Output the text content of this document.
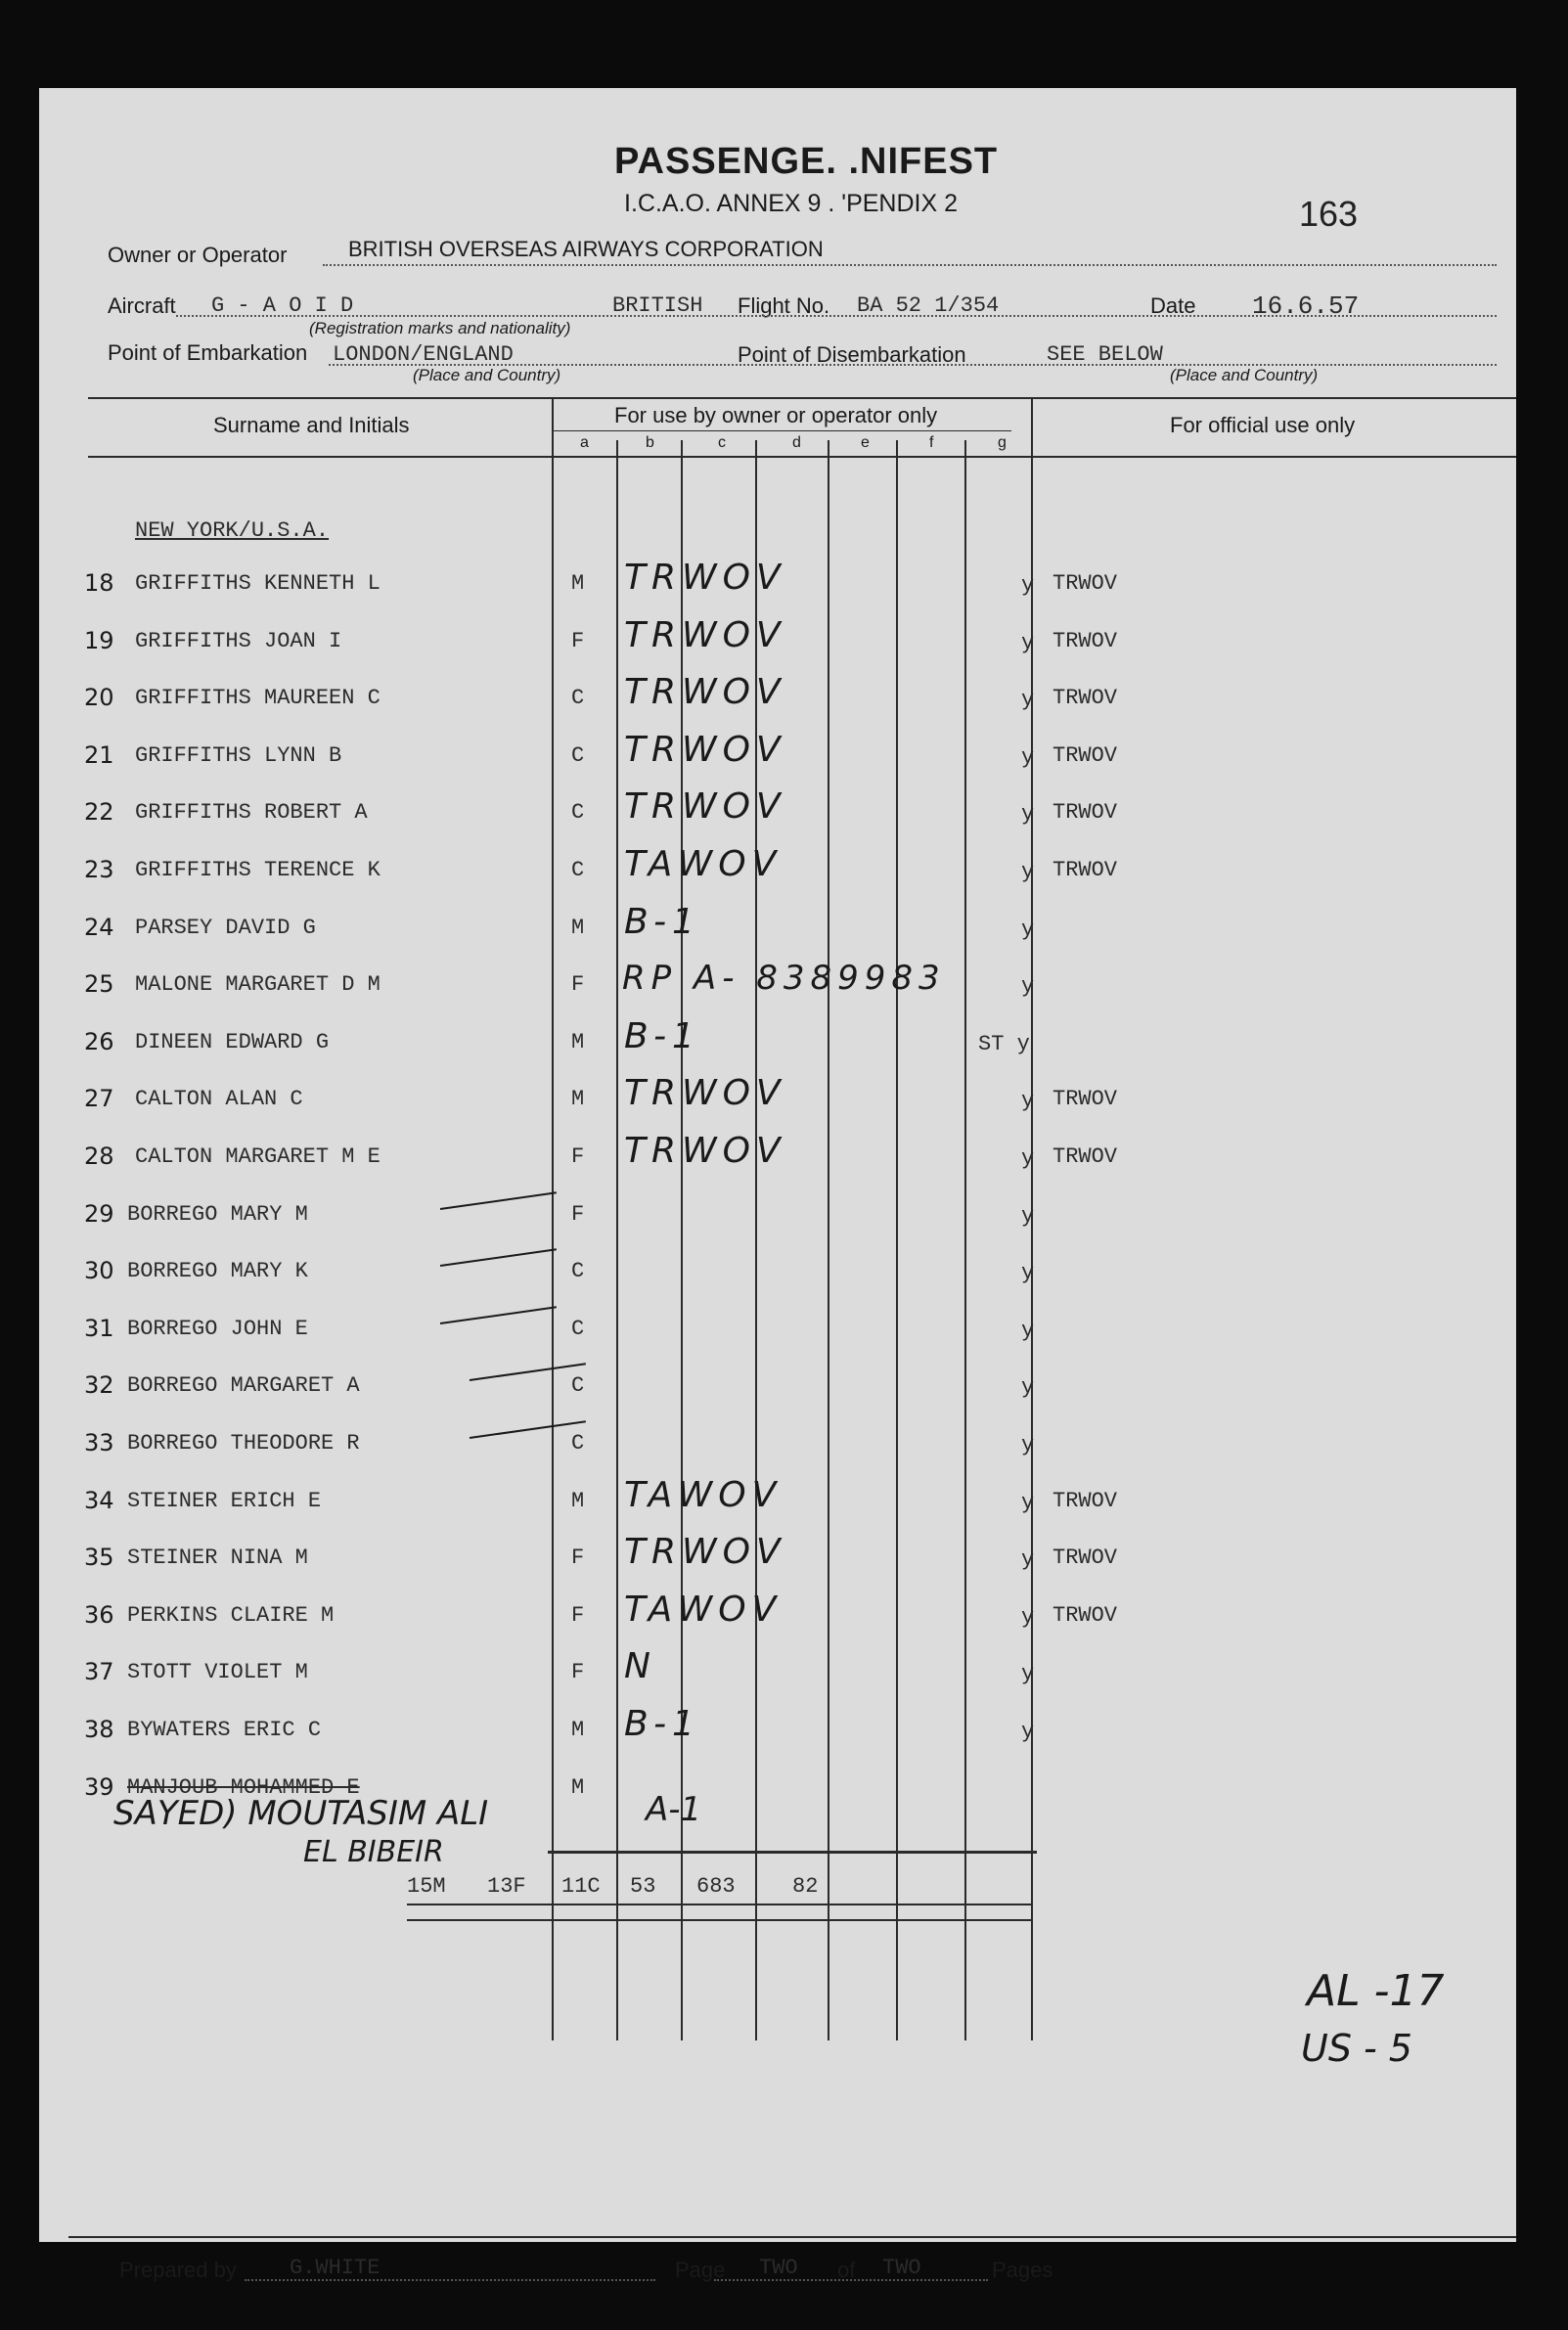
PASSENGE. .NIFEST
I.C.A.O. ANNEX 9 . 'PENDIX 2	163
Owner or Operator	BRITISH OVERSEAS AIRWAYS CORPORATION
Aircraft G - A O I D
(Registration marks and nationality)
BRITISH Flight No. BA 52 1/354	Date 16.6.57
Point of Embarkation LONDON/ENGLAND
(Place and Country)
Point of Disembarkation	SEE BELOW
(Place and Country)
Surname and Initials	For use by owner or operator only	For official use only
a	b	c	d	e	f	g
NEW YORK/U.S.A.
18 GRIFFITHS KENNETH L	M TRWOV	y TRWOV
19 GRIFFITHS JOAN I	F TRWOV	y TRWOV
20 GRIFFITHS MAUREEN C	C TRWOV	y TRWOV
21 GRIFFITHS LYNN B	C TRWOV	y TRWOV
22 GRIFFITHS ROBERT A	C TRWOV	y TRWOV
23 GRIFFITHS TERENCE K	C TAWOV	y TRWOV
24 PARSEY DAVID G	M B-1	y
25 MALONE MARGARET D M	F RP A- 8389983	y
26 DINEEN EDWARD G	M B-1	ST y
27 CALTON ALAN C	M TRWOV	y TRWOV
28 CALTON MARGARET M E	F TRWOV	y TRWOV
29 BORREGO MARY M	F	y
30 BORREGO MARY K	C	y
31 BORREGO JOHN E	C	y
32 BORREGO MARGARET A	C	y
33 BORREGO THEODORE R	C	y
34 STEINER ERICH E	M TAWOV	y TRWOV
35 STEINER NINA M	F TRWOV	y TRWOV
36 PERKINS CLAIRE M	F TAWOV	y TRWOV
37 STOTT VIOLET M	F N	y
38 BYWATERS ERIC C	M B-1	y
39 MANJOUB MOHAMMED E	M
SAYED) MOUTASIM ALI
EL BIBEIR
A-1
15M 13F 11C 53 683	82
AL -17
US - 5
Prepared by G.WHITE	Page TWO of TWO	Pages
